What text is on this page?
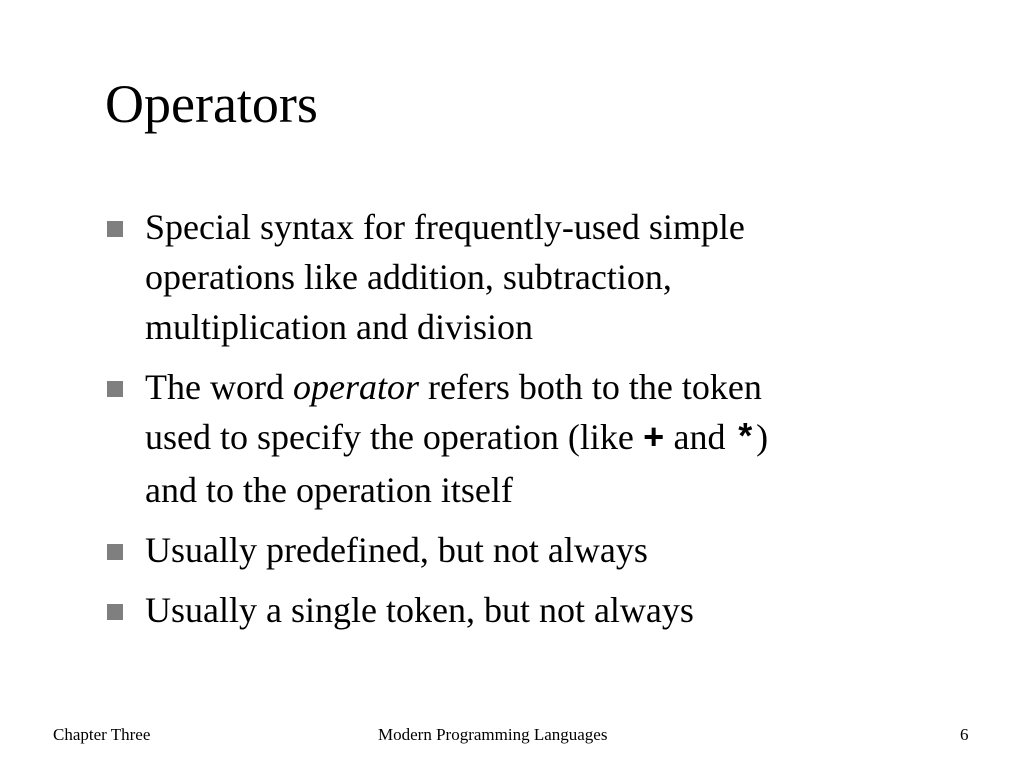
Operators
Special syntax for frequently-used simple
operations like addition, subtraction,
multiplication and division
The word operator refers both to the token
used to specify the operation (like + and *)
and to the operation itself
Usually predefined, but not always
Usually a single token, but not always
Chapter Three	Modern Programming Languages	6
